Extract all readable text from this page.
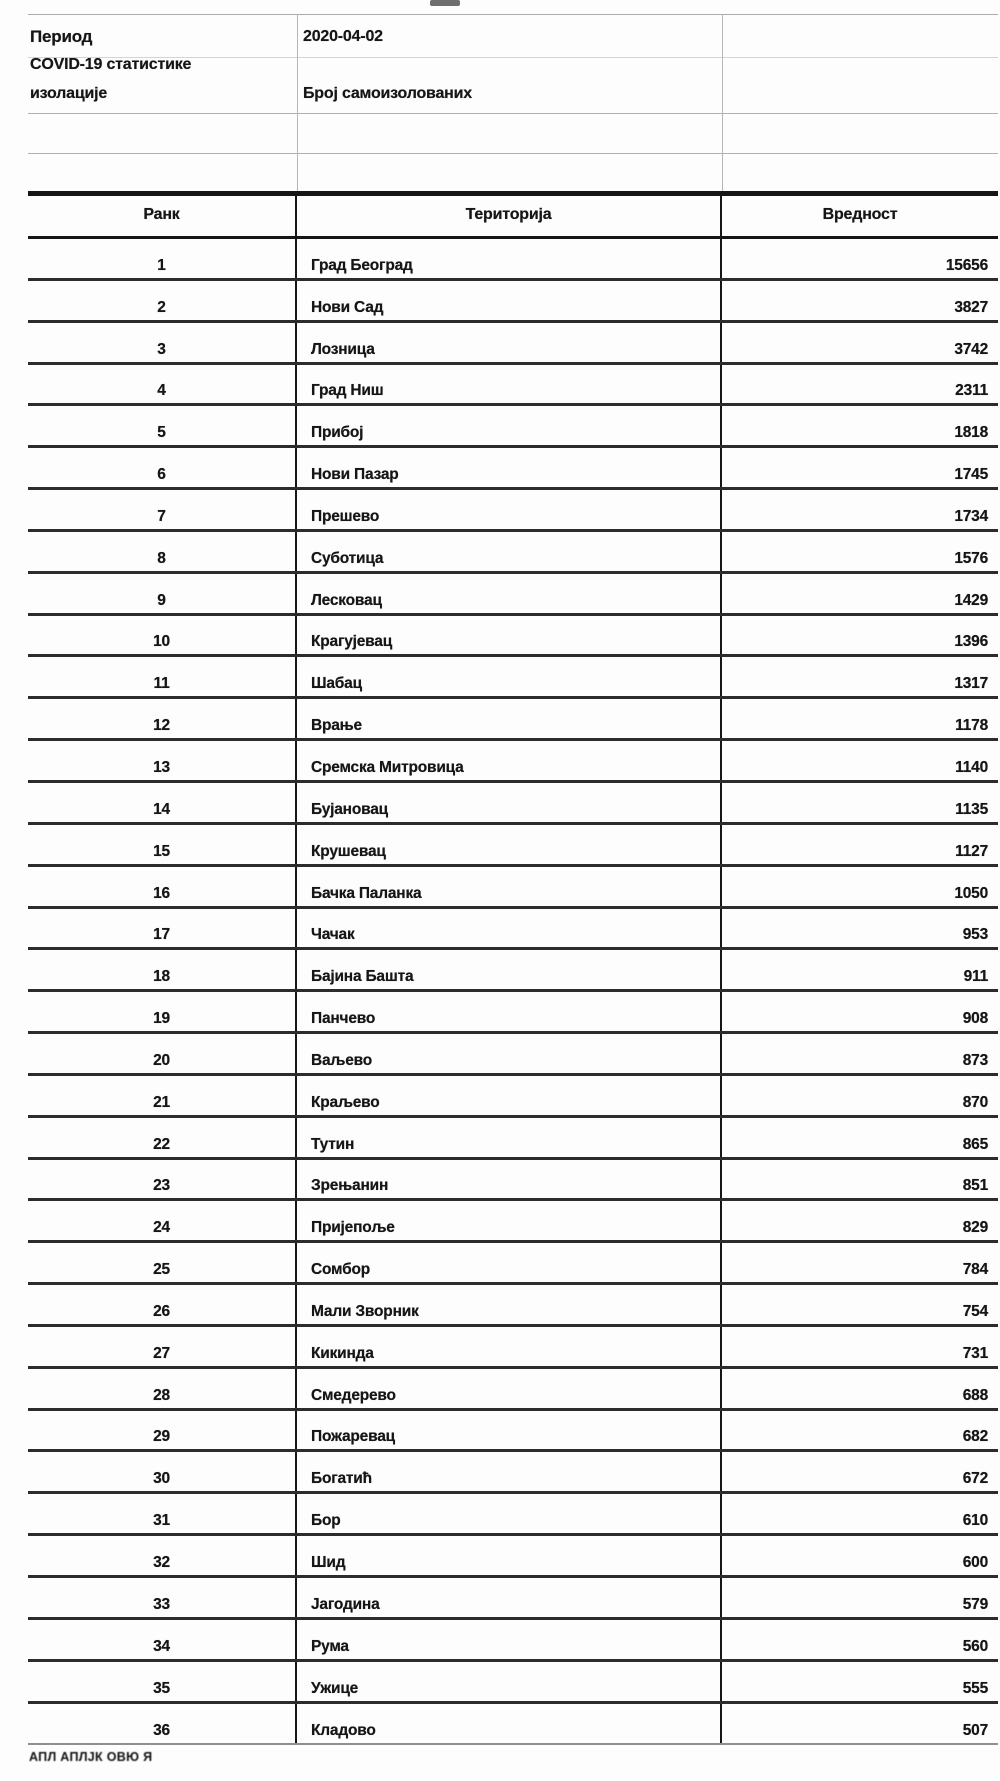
Период	2020-04-02
COVID-19 статистике
изолације	Број самоизолованих
Ранк	Територија	Вредност
1	Град Београд	15656
2	Нови Сад	3827
3	Лозница	3742
4	Град Ниш	2311
5	Прибој	1818
6	Нови Пазар	1745
7	Прешево	1734
8	Суботица	1576
9	Лесковац	1429
10	Крагујевац	1396
11	Шабац	1317
12	Врање	1178
13	Сремска Митровица	1140
14	Бујановац	1135
15	Крушевац	1127
16	Бачка Паланка	1050
17	Чачак	953
18	Бајина Башта	911
19	Панчево	908
20	Ваљево	873
21	Краљево	870
22	Тутин	865
23	Зрењанин	851
24	Пријепоље	829
25	Сомбор	784
26	Мали Зворник	754
27	Кикинда	731
28	Смедерево	688
29	Пожаревац	682
30	Богатић	672
31	Бор	610
32	Шид	600
33	Јагодина	579
34	Рума	560
35	Ужице	555
36	Кладово	507
АПЛ АПЛЈК ОВЮ Я
